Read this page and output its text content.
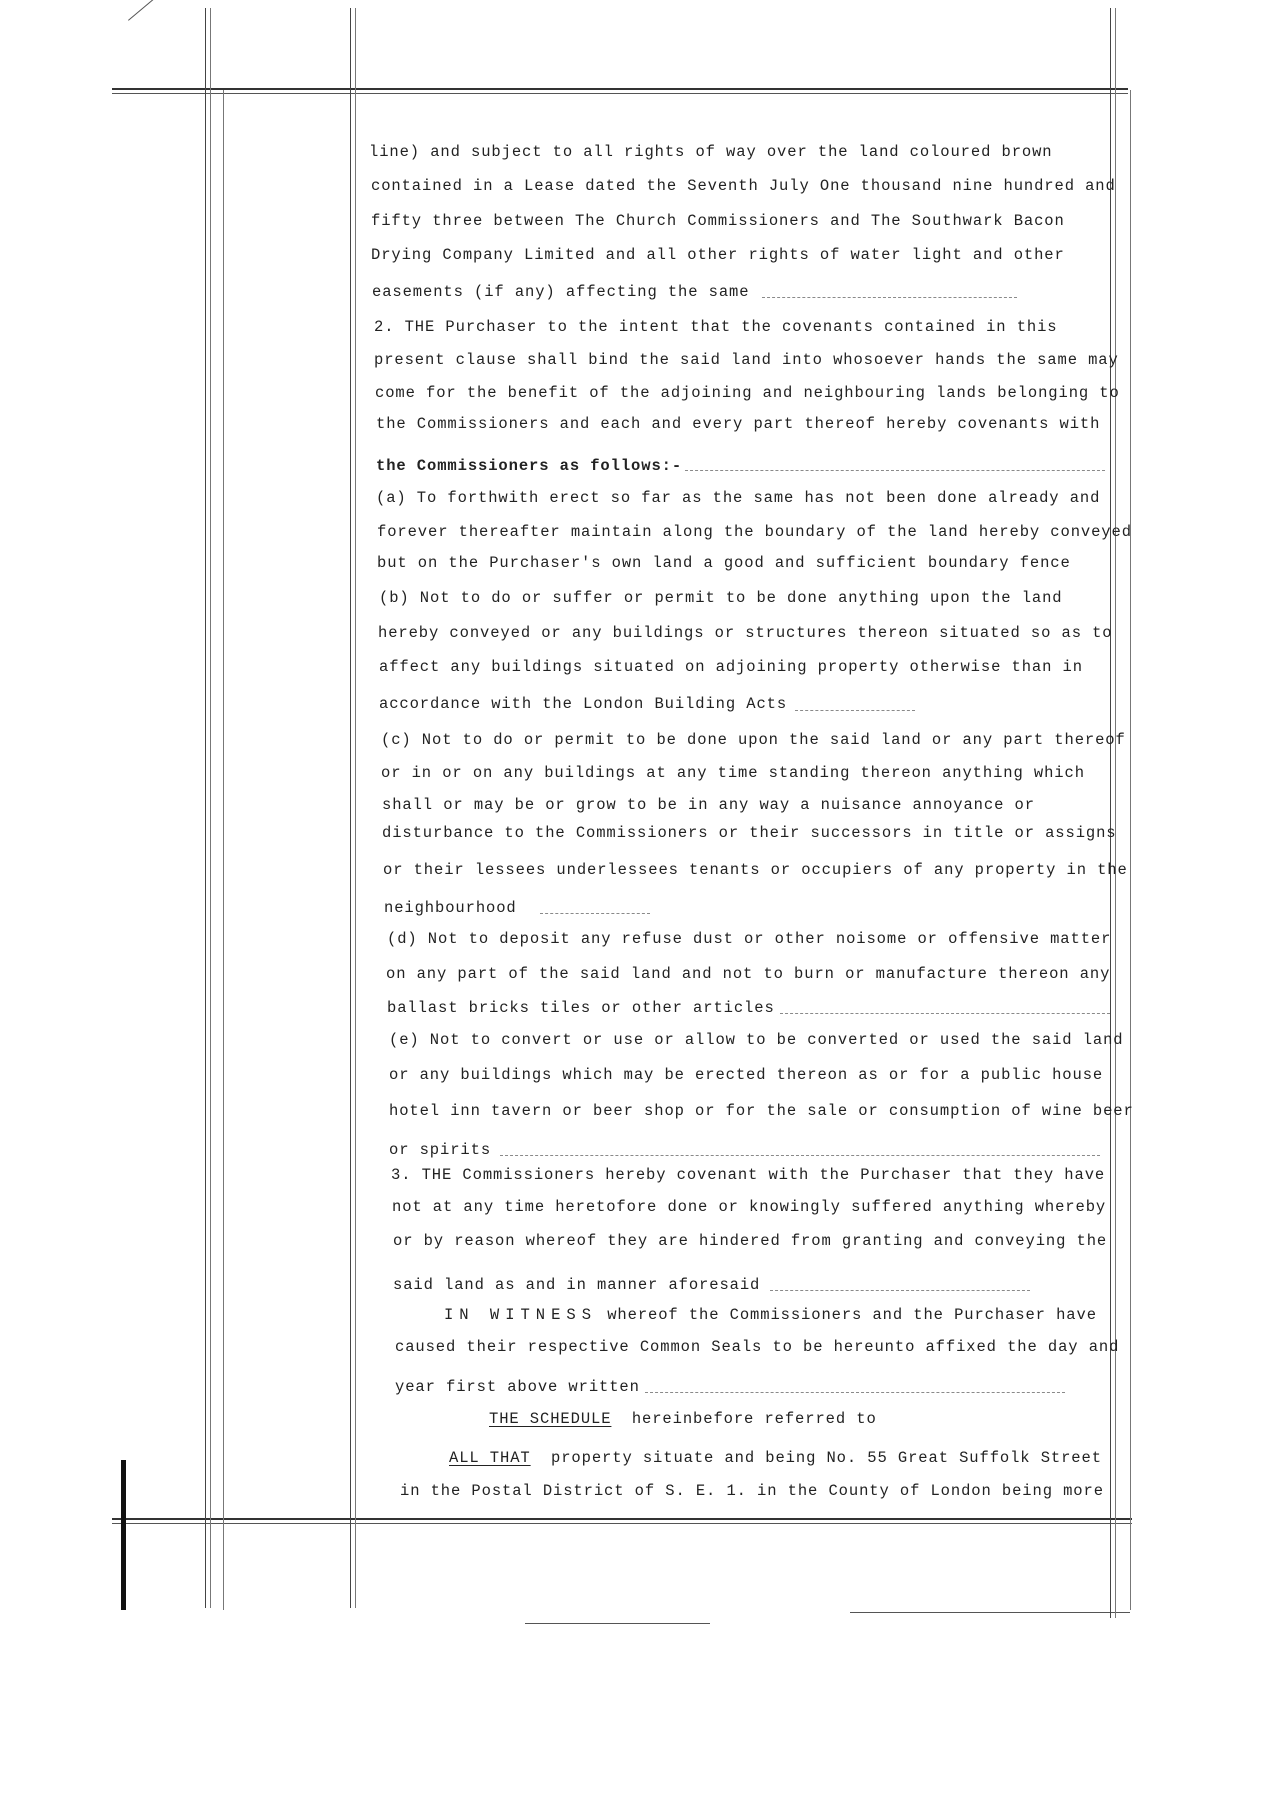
line) and subject to all rights of way over the land coloured brown
contained in a Lease dated the Seventh July One thousand nine hundred and
fifty three between The Church Commissioners and The Southwark Bacon
Drying Company Limited and all other rights of water light and other
easements (if any) affecting the same
2. THE Purchaser to the intent that the covenants contained in this
present clause shall bind the said land into whosoever hands the same may
come for the benefit of the adjoining and neighbouring lands belonging to
the Commissioners and each and every part thereof hereby covenants with
the Commissioners as follows:-
(a) To forthwith erect so far as the same has not been done already and
forever thereafter maintain along the boundary of the land hereby conveyed
but on the Purchaser's own land a good and sufficient boundary fence
(b) Not to do or suffer or permit to be done anything upon the land
hereby conveyed or any buildings or structures thereon situated so as to
affect any buildings situated on adjoining property otherwise than in
accordance with the London Building Acts
(c) Not to do or permit to be done upon the said land or any part thereof
or in or on any buildings at any time standing thereon anything which
shall or may be or grow to be in any way a nuisance annoyance or
disturbance to the Commissioners or their successors in title or assigns
or their lessees underlessees tenants or occupiers of any property in the
neighbourhood
(d) Not to deposit any refuse dust or other noisome or offensive matter
on any part of the said land and not to burn or manufacture thereon any
ballast bricks tiles or other articles
(e) Not to convert or use or allow to be converted or used the said land
or any buildings which may be erected thereon as or for a public house
hotel inn tavern or beer shop or for the sale or consumption of wine beer
or spirits
3. THE Commissioners hereby covenant with the Purchaser that they have
not at any time heretofore done or knowingly suffered anything whereby
or by reason whereof they are hindered from granting and conveying the
said land as and in manner aforesaid
IN WITNESS whereof the Commissioners and the Purchaser have
caused their respective Common Seals to be hereunto affixed the day and
year first above written
THE SCHEDULE hereinbefore referred to
ALL THAT property situate and being No. 55 Great Suffolk Street
in the Postal District of S. E. 1. in the County of London being more
